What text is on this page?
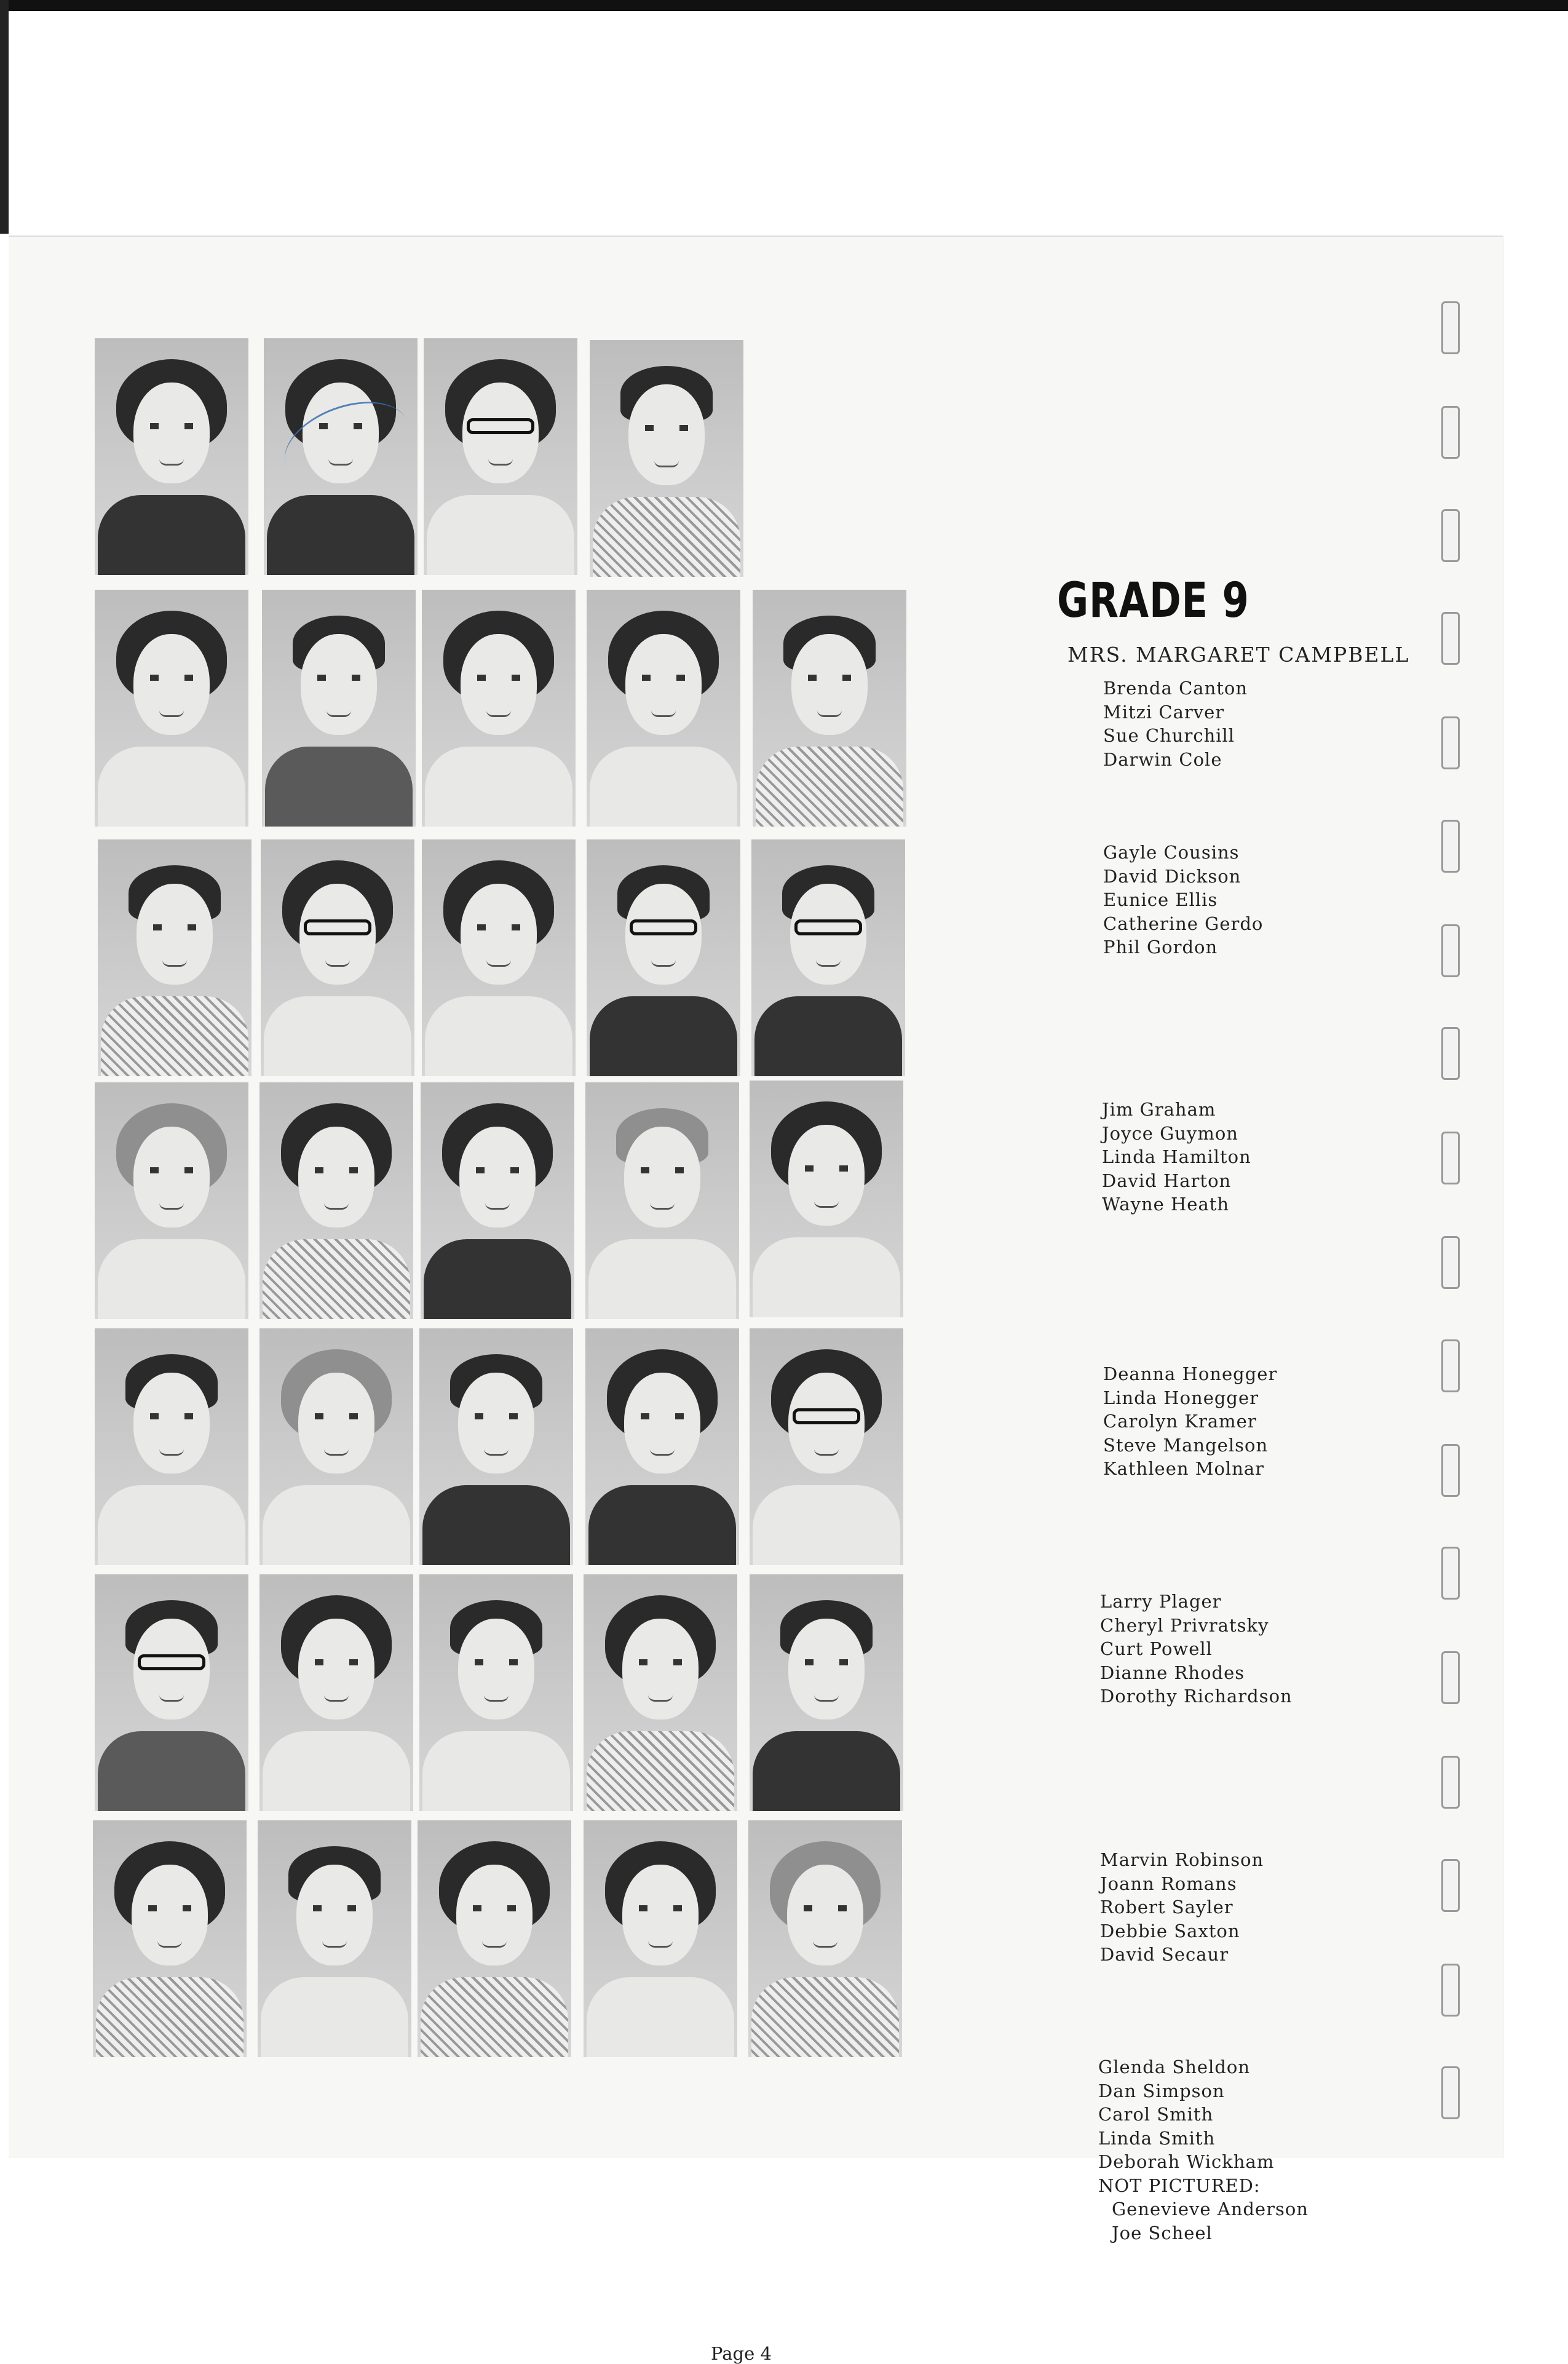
GRADE 9
MRS. MARGARET CAMPBELL
Brenda Canton
Mitzi Carver
Sue Churchill
Darwin Cole
Gayle Cousins
David Dickson
Eunice Ellis
Catherine Gerdo
Phil Gordon
Jim Graham
Joyce Guymon
Linda Hamilton
David Harton
Wayne Heath
Deanna Honegger
Linda Honegger
Carolyn Kramer
Steve Mangelson
Kathleen Molnar
Larry Plager
Cheryl Privratsky
Curt Powell
Dianne Rhodes
Dorothy Richardson
Marvin Robinson
Joann Romans
Robert Sayler
Debbie Saxton
David Secaur
Glenda Sheldon
Dan Simpson
Carol Smith
Linda Smith
Deborah Wickham
NOT PICTURED:
Genevieve Anderson
Joe Scheel
Page 4
